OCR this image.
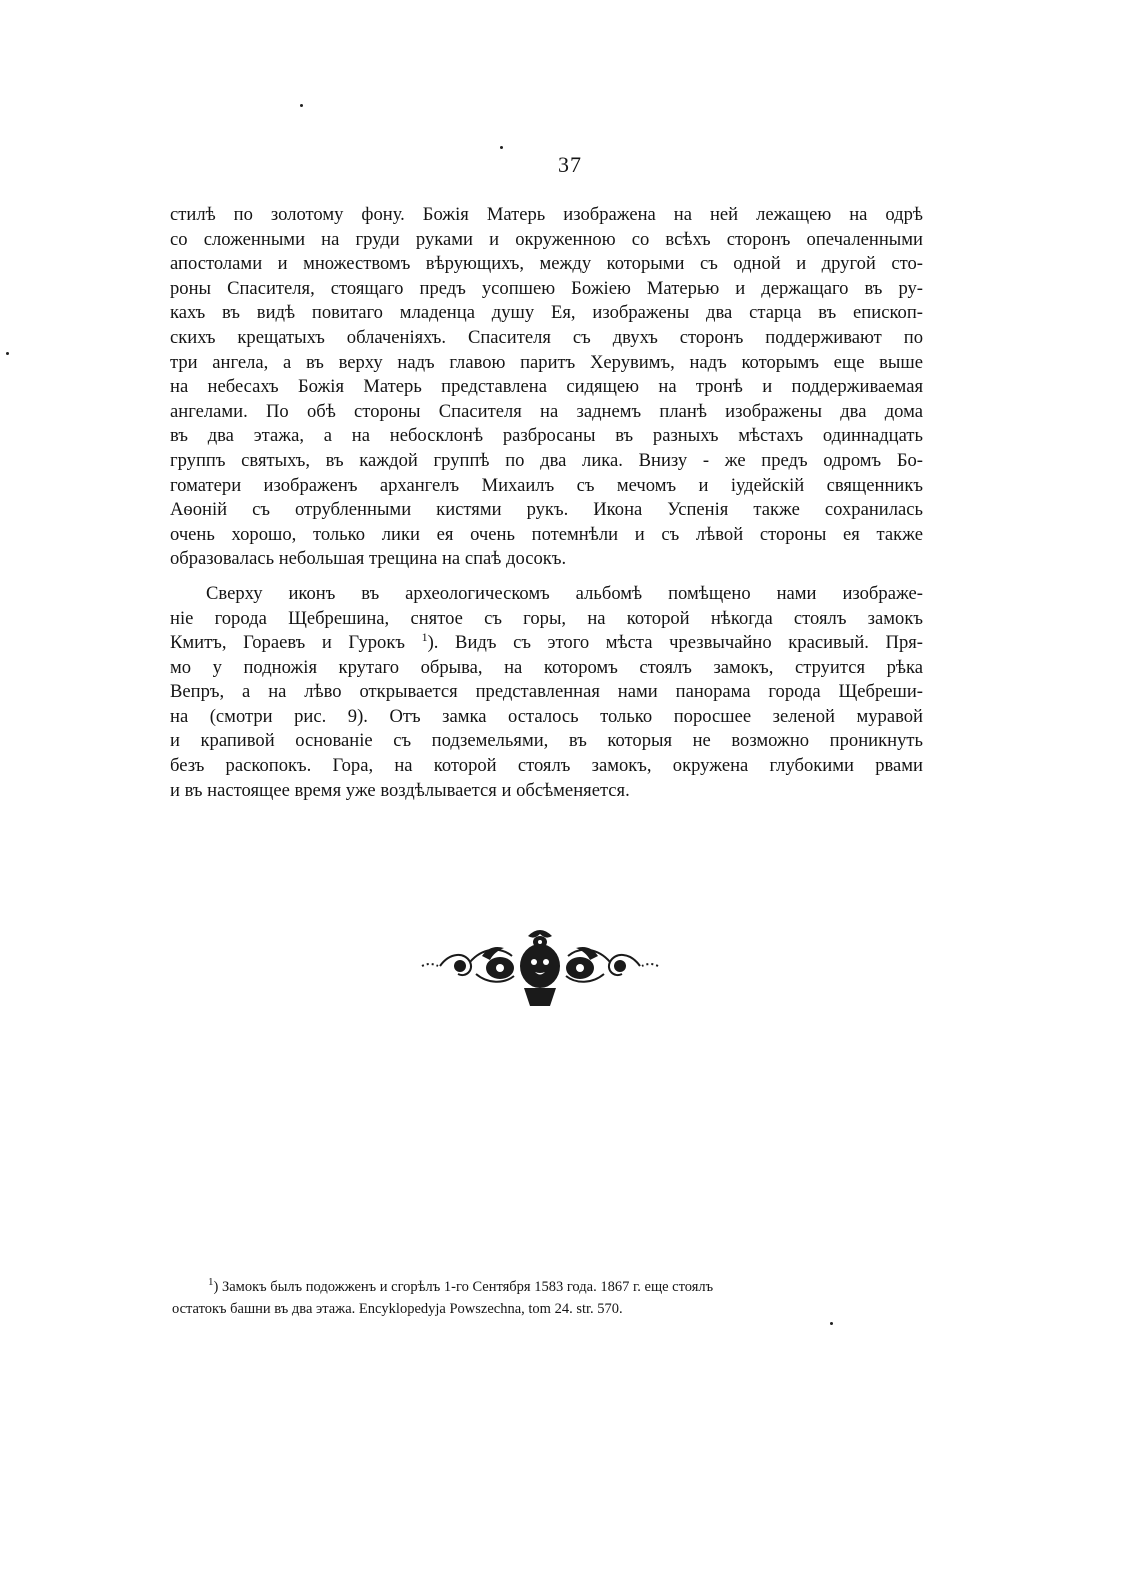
37
стилѣ по золотому фону. Божія Матерь изображена на ней лежащею на одрѣ
со сложенными на груди руками и окруженною со всѣхъ сторонъ опечаленными
апостолами и множествомъ вѣрующихъ, между которыми съ одной и другой сто-
роны Спасителя, стоящаго предъ усопшею Божіею Матерью и держащаго въ ру-
кахъ въ видѣ повитаго младенца душу Ея, изображены два старца въ епископ-
скихъ крещатыхъ облаченіяхъ. Спасителя съ двухъ сторонъ поддерживают по
три ангела, а въ верху надъ главою паритъ Херувимъ, надъ которымъ еще выше
на небесахъ Божія Матерь представлена сидящею на тронѣ и поддерживаемая
ангелами. По обѣ стороны Спасителя на заднемъ планѣ изображены два дома
въ два этажа, а на небосклонѣ разбросаны въ разныхъ мѣстахъ одиннадцать
группъ святыхъ, въ каждой группѣ по два лика. Внизу - же предъ одромъ Бо-
гоматери изображенъ архангелъ Михаилъ съ мечомъ и іудейскій священникъ
Аѳоній съ отрубленными кистями рукъ. Икона Успенія также сохранилась
очень хорошо, только лики ея очень потемнѣли и съ лѣвой стороны ея также
образовалась небольшая трещина на спаѣ досокъ.
Сверху иконъ въ археологическомъ альбомѣ помѣщено нами изображе-
ніе города Щебрешина, снятое съ горы, на которой нѣкогда стоялъ замокъ
Кмитъ, Гораевъ и Гурокъ $^1$). Видъ съ этого мѣста чрезвычайно красивый. Пря-
мо у подножія крутаго обрыва, на которомъ стоялъ замокъ, струится рѣка
Вепръ, а на лѣво открывается представленная нами панорама города Щебреши-
на (смотри рис. 9). Отъ замка осталось только поросшее зеленой муравой
и крапивой основаніе съ подземельями, въ которыя не возможно проникнуть
безъ раскопокъ. Гора, на которой стоялъ замокъ, окружена глубокими рвами
и въ настоящее время уже воздѣлывается и обсѣменяется.
$^1$) Замокъ былъ подожженъ и сгорѣлъ 1-го Сентября 1583 года. 1867 г. еще стоялъ
остатокъ башни въ два этажа. Encyklopedyja Powszechna, tom 24. str. 570.
